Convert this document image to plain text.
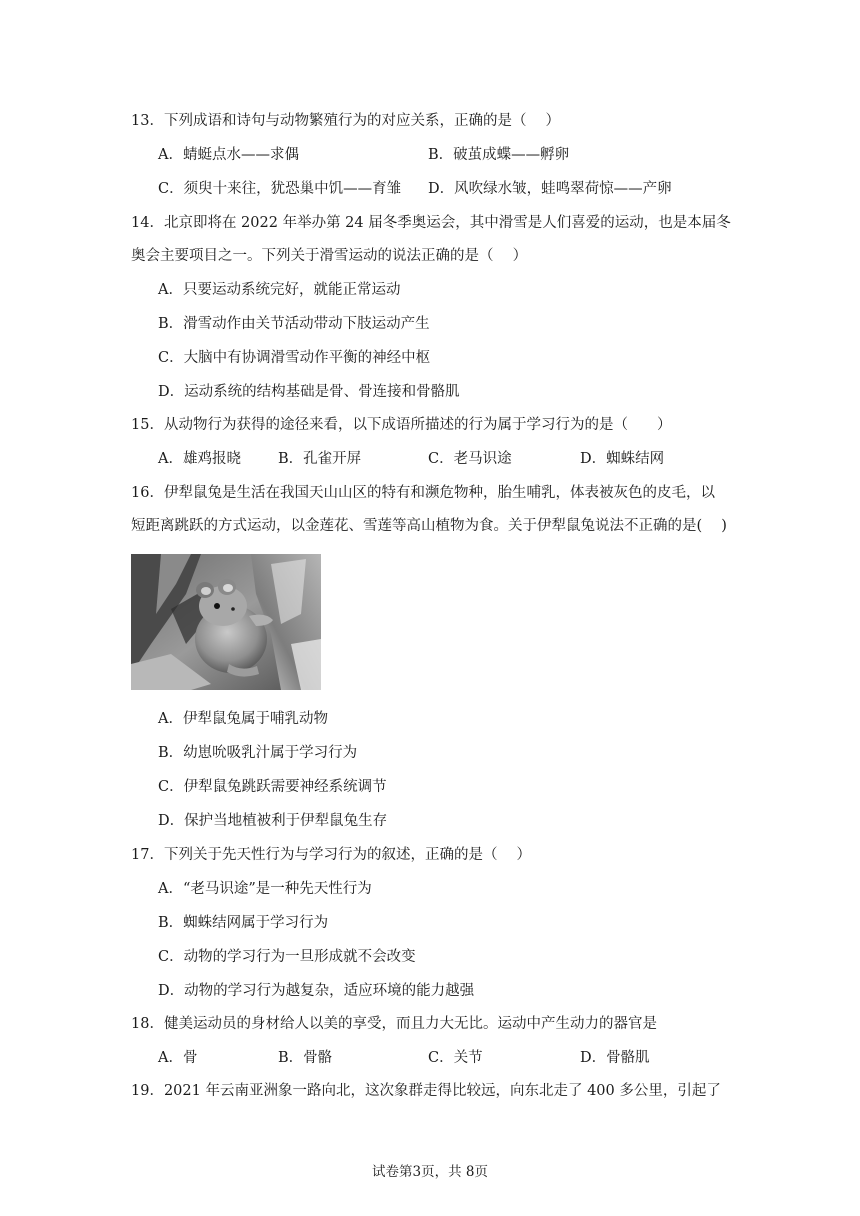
13．下列成语和诗句与动物繁殖行为的对应关系，正确的是（　 ）
A．蜻蜓点水——求偶	B．破茧成蝶——孵卵
C．须臾十来往，犹恐巢中饥——育雏 D．风吹绿水皱，蛙鸣翠荷惊——产卵
14．北京即将在 2022 年举办第 24 届冬季奥运会，其中滑雪是人们喜爱的运动，也是本届冬
奥会主要项目之一。下列关于滑雪运动的说法正确的是（　 ）
A．只要运动系统完好，就能正常运动
B．滑雪动作由关节活动带动下肢运动产生
C．大脑中有协调滑雪动作平衡的神经中枢
D．运动系统的结构基础是骨、骨连接和骨骼肌
15．从动物行为获得的途径来看，以下成语所描述的行为属于学习行为的是（　　）
A．雄鸡报晓	B．孔雀开屏	C．老马识途	D．蜘蛛结网
16．伊犁鼠兔是生活在我国天山山区的特有和濒危物种，胎生哺乳，体表被灰色的皮毛，以
短距离跳跃的方式运动，以金莲花、雪莲等高山植物为食。关于伊犁鼠兔说法不正确的是(　 )
A．伊犁鼠兔属于哺乳动物
B．幼崽吮吸乳汁属于学习行为
C．伊犁鼠兔跳跃需要神经系统调节
D．保护当地植被利于伊犁鼠兔生存
17．下列关于先天性行为与学习行为的叙述，正确的是（　 ）
A．“老马识途”是一种先天性行为
B．蜘蛛结网属于学习行为
C．动物的学习行为一旦形成就不会改变
D．动物的学习行为越复杂，适应环境的能力越强
18．健美运动员的身材给人以美的享受，而且力大无比。运动中产生动力的器官是
A．骨	B．骨骼	C．关节	D．骨骼肌
19．2021 年云南亚洲象一路向北，这次象群走得比较远，向东北走了 400 多公里，引起了
试卷第3页，共 8页
